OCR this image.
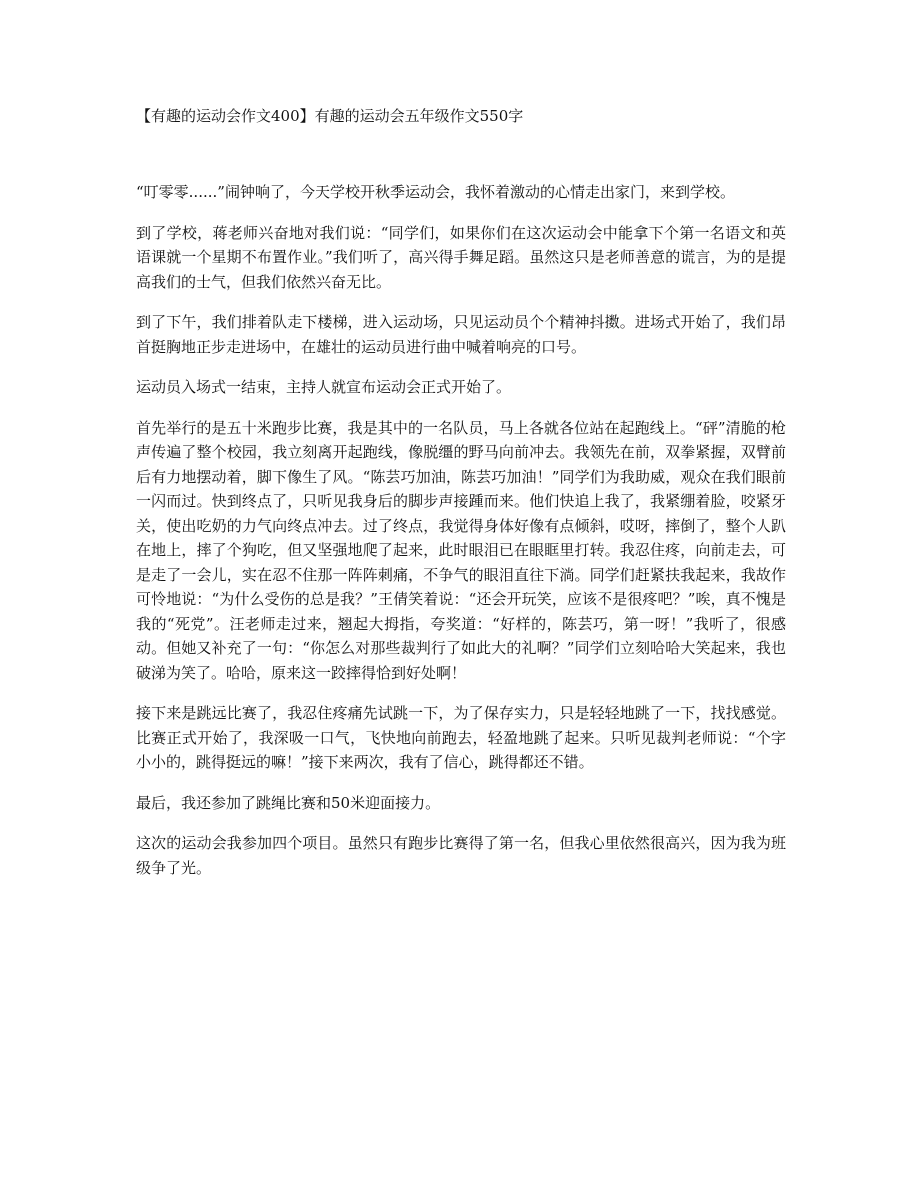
【有趣的运动会作文400】有趣的运动会五年级作文550字

“叮零零......”闹钟响了，今天学校开秋季运动会，我怀着激动的心情走出家门，来到学校。

到了学校，蒋老师兴奋地对我们说：“同学们，如果你们在这次运动会中能拿下个第一名语文和英语课就一个星期不布置作业。”我们听了，高兴得手舞足蹈。虽然这只是老师善意的谎言，为的是提高我们的士气，但我们依然兴奋无比。

到了下午，我们排着队走下楼梯，进入运动场，只见运动员个个精神抖擞。进场式开始了，我们昂首挺胸地正步走进场中，在雄壮的运动员进行曲中喊着响亮的口号。

运动员入场式一结束，主持人就宣布运动会正式开始了。

首先举行的是五十米跑步比赛，我是其中的一名队员，马上各就各位站在起跑线上。“砰”清脆的枪声传遍了整个校园，我立刻离开起跑线，像脱缰的野马向前冲去。我领先在前，双拳紧握，双臂前后有力地摆动着，脚下像生了风。“陈芸巧加油，陈芸巧加油！”同学们为我助威，观众在我们眼前一闪而过。快到终点了，只听见我身后的脚步声接踵而来。他们快追上我了，我紧绷着脸，咬紧牙关，使出吃奶的力气向终点冲去。过了终点，我觉得身体好像有点倾斜，哎呀，摔倒了，整个人趴在地上，摔了个狗吃，但又坚强地爬了起来，此时眼泪已在眼眶里打转。我忍住疼，向前走去，可是走了一会儿，实在忍不住那一阵阵刺痛，不争气的眼泪直往下淌。同学们赶紧扶我起来，我故作可怜地说：“为什么受伤的总是我？”王倩笑着说：“还会开玩笑，应该不是很疼吧？”唉，真不愧是我的“死党”。汪老师走过来，翘起大拇指，夸奖道：“好样的，陈芸巧，第一呀！”我听了，很感动。但她又补充了一句：“你怎么对那些裁判行了如此大的礼啊？”同学们立刻哈哈大笑起来，我也破涕为笑了。哈哈，原来这一跤摔得恰到好处啊！

接下来是跳远比赛了，我忍住疼痛先试跳一下，为了保存实力，只是轻轻地跳了一下，找找感觉。比赛正式开始了，我深吸一口气，飞快地向前跑去，轻盈地跳了起来。只听见裁判老师说：“个字小小的，跳得挺远的嘛！”接下来两次，我有了信心，跳得都还不错。

最后，我还参加了跳绳比赛和50米迎面接力。

这次的运动会我参加四个项目。虽然只有跑步比赛得了第一名，但我心里依然很高兴，因为我为班级争了光。
